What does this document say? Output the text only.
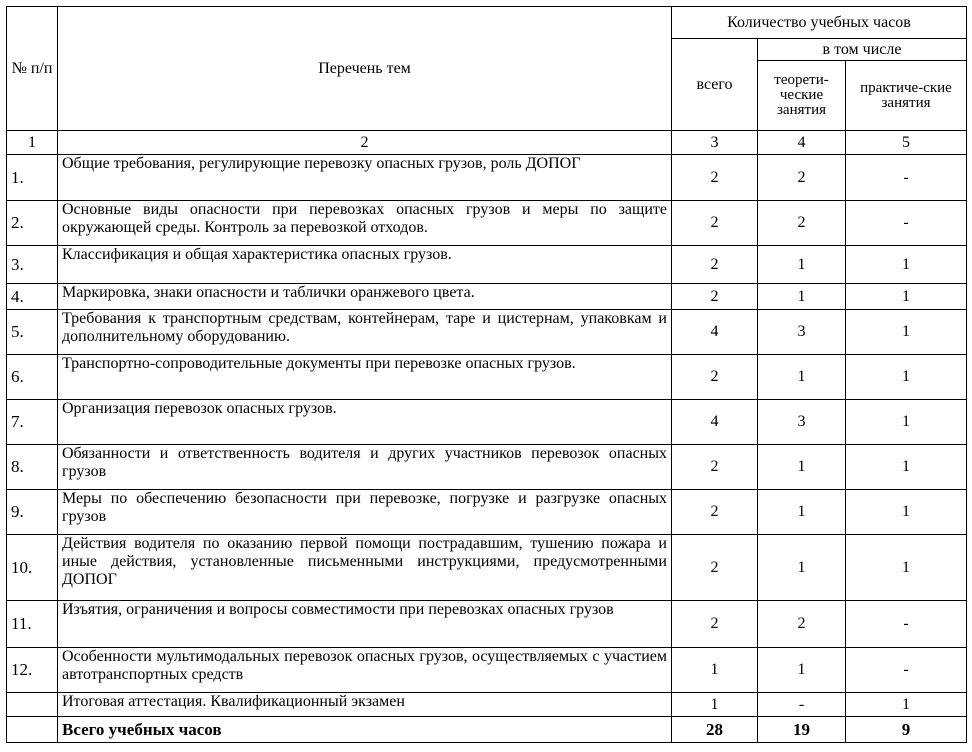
№ п/п	Перечень тем	Количество учебных часов		
		всего	в том числе	
			теорети-ческие занятия	практиче-ские занятия
1	2	3	4	5
1.	Общие требования, регулирующие перевозку опасных грузов, роль ДОПОГ	2	2	-
2.	Основные виды опасности при перевозках опасных грузов и меры по защите окружающей среды. Контроль за перевозкой отходов.	2	2	-
3.	Классификация и общая характеристика опасных грузов.	2	1	1
4.	Маркировка, знаки опасности и таблички оранжевого цвета.	2	1	1
5.	Требования к транспортным средствам, контейнерам, таре и цистернам, упаковкам и дополнительному оборудованию.	4	3	1
6.	Транспортно-сопроводительные документы при перевозке опасных грузов.	2	1	1
7.	Организация перевозок опасных грузов.	4	3	1
8.	Обязанности и ответственность водителя и других участников перевозок опасных грузов	2	1	1
9.	Меры по обеспечению безопасности при перевозке, погрузке и разгрузке опасных грузов	2	1	1
10.	Действия водителя по оказанию первой помощи пострадавшим, тушению пожара и иные действия, установленные письменными инструкциями, предусмотренными ДОПОГ	2	1	1
11.	Изъятия, ограничения и вопросы совместимости при перевозках опасных грузов	2	2	-
12.	Особенности мультимодальных перевозок опасных грузов, осуществляемых с участием автотранспортных средств	1	1	-
	Итоговая аттестация. Квалификационный экзамен	1	-	1
	Всего учебных часов	28	19	9
